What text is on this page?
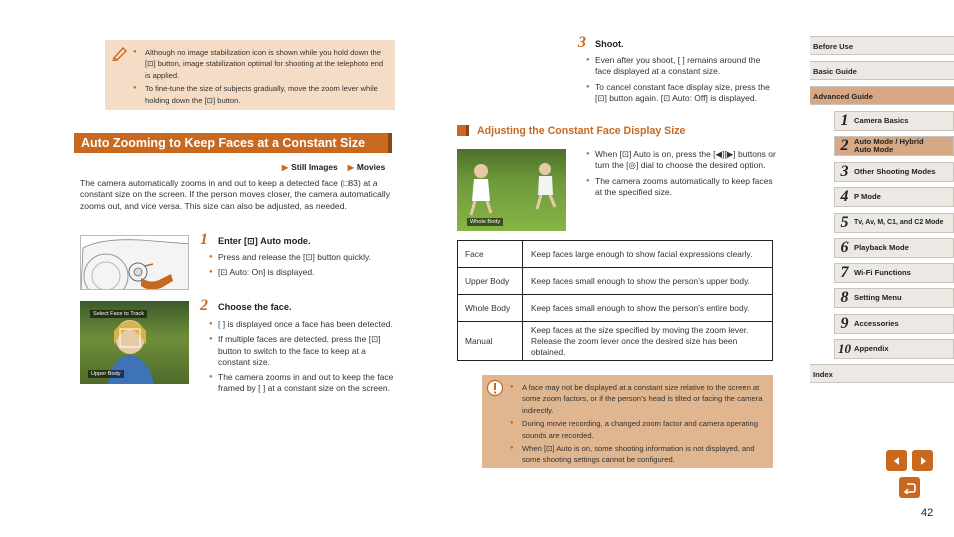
● Although no image stabilization icon is shown while you hold down the [⊡] button, image stabilization optimal for shooting at the telephoto end is applied.
● To fine-tune the size of subjects gradually, move the zoom lever while holding down the [⊡] button.
Auto Zooming to Keep Faces at a Constant Size
▶ Still Images ▶ Movies
The camera automatically zooms in and out to keep a detected face (□83) at a constant size on the screen. If the person moves closer, the camera automatically zooms out, and vice versa. This size can also be adjusted, as needed.
1 Enter [⊡] Auto mode.
● Press and release the [⊡] button quickly.
● [⊡ Auto: On] is displayed.
Select Face to Track
Upper Body
2 Choose the face.
● [ ] is displayed once a face has been detected.
● If multiple faces are detected, press the [⊡] button to switch to the face to keep at a constant size.
● The camera zooms in and out to keep the face framed by [ ] at a constant size on the screen.
3 Shoot.
● Even after you shoot, [ ] remains around the face displayed at a constant size.
● To cancel constant face display size, press the [⊡] button again. [⊡ Auto: Off] is displayed.
Adjusting the Constant Face Display Size
Whole Body
● When [⊡] Auto is on, press the [◀][▶] buttons or turn the [◎] dial to choose the desired option.
● The camera zooms automatically to keep faces at the specified size.
Face	Keep faces large enough to show facial expressions clearly.
Upper Body	Keep faces small enough to show the person’s upper body.
Whole Body	Keep faces small enough to show the person’s entire body.
Manual	Keep faces at the size specified by moving the zoom lever. Release the zoom lever once the desired size has been obtained.
● A face may not be displayed at a constant size relative to the screen at some zoom factors, or if the person’s head is tilted or facing the camera indirectly.
● During movie recording, a changed zoom factor and camera operating sounds are recorded.
● When [⊡] Auto is on, some shooting information is not displayed, and some shooting settings cannot be configured.
Before Use
Basic Guide
Advanced Guide
1 Camera Basics
2 Auto Mode / Hybrid Auto Mode
3 Other Shooting Modes
4 P Mode
5 Tv, Av, M, C1, and C2 Mode
6 Playback Mode
7 Wi-Fi Functions
8 Setting Menu
9 Accessories
10 Appendix
Index
42
